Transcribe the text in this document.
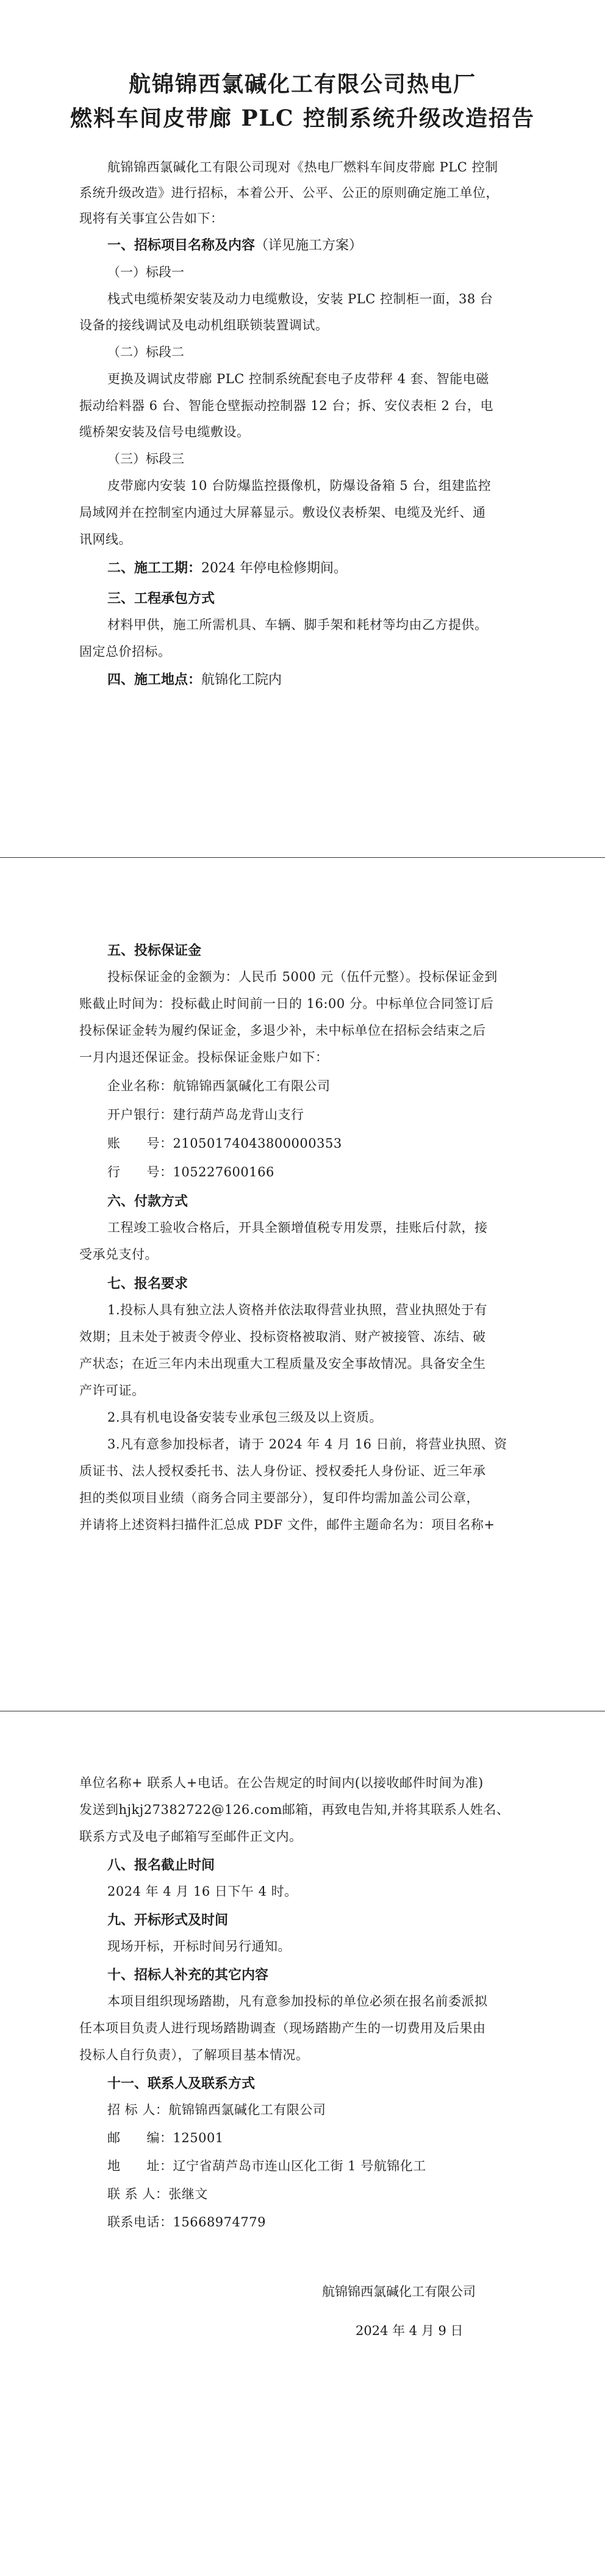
航锦锦西氯碱化工有限公司热电厂
燃料车间皮带廊 PLC 控制系统升级改造招告
航锦锦西氯碱化工有限公司现对《热电厂燃料车间皮带廊 PLC 控制
系统升级改造》进行招标，本着公开、公平、公正的原则确定施工单位，
现将有关事宜公告如下：
一、招标项目名称及内容（详见施工方案）
（一）标段一
栈式电缆桥架安装及动力电缆敷设，安装 PLC 控制柜一面，38 台
设备的接线调试及电动机组联锁装置调试。
（二）标段二
更换及调试皮带廊 PLC 控制系统配套电子皮带秤 4 套、智能电磁
振动给料器 6 台、智能仓壁振动控制器 12 台；拆、安仪表柜 2 台，电
缆桥架安装及信号电缆敷设。
（三）标段三
皮带廊内安装 10 台防爆监控摄像机，防爆设备箱 5 台，组建监控
局域网并在控制室内通过大屏幕显示。敷设仪表桥架、电缆及光纤、通
讯网线。
二、施工工期：2024 年停电检修期间。
三、工程承包方式
材料甲供，施工所需机具、车辆、脚手架和耗材等均由乙方提供。
固定总价招标。
四、施工地点：航锦化工院内
五、投标保证金
投标保证金的金额为：人民币 5000 元（伍仟元整）。投标保证金到
账截止时间为：投标截止时间前一日的 16:00 分。中标单位合同签订后
投标保证金转为履约保证金，多退少补，未中标单位在招标会结束之后
一月内退还保证金。投标保证金账户如下：
企业名称：航锦锦西氯碱化工有限公司
开户银行：建行葫芦岛龙背山支行
账　　号：21050174043800000353
行　　号：105227600166
六、付款方式
工程竣工验收合格后，开具全额增值税专用发票，挂账后付款，接
受承兑支付。
七、报名要求
1.投标人具有独立法人资格并依法取得营业执照，营业执照处于有
效期；且未处于被责令停业、投标资格被取消、财产被接管、冻结、破
产状态；在近三年内未出现重大工程质量及安全事故情况。具备安全生
产许可证。
2.具有机电设备安装专业承包三级及以上资质。
3.凡有意参加投标者，请于 2024 年 4 月 16 日前，将营业执照、资
质证书、法人授权委托书、法人身份证、授权委托人身份证、近三年承
担的类似项目业绩（商务合同主要部分），复印件均需加盖公司公章，
并请将上述资料扫描件汇总成 PDF 文件，邮件主题命名为：项目名称+
单位名称+ 联系人+电话。在公告规定的时间内(以接收邮件时间为准)
发送到hjkj27382722@126.com邮箱，再致电告知,并将其联系人姓名、
联系方式及电子邮箱写至邮件正文内。
八、报名截止时间
2024 年 4 月 16 日下午 4 时。
九、开标形式及时间
现场开标，开标时间另行通知。
十、招标人补充的其它内容
本项目组织现场踏勘，凡有意参加投标的单位必须在报名前委派拟
任本项目负责人进行现场踏勘调查（现场踏勘产生的一切费用及后果由
投标人自行负责），了解项目基本情况。
十一、联系人及联系方式
招 标 人：航锦锦西氯碱化工有限公司
邮　　编：125001
地　　址：辽宁省葫芦岛市连山区化工街 1 号航锦化工
联 系 人：张继文
联系电话：15668974779
航锦锦西氯碱化工有限公司
2024 年 4 月 9 日
